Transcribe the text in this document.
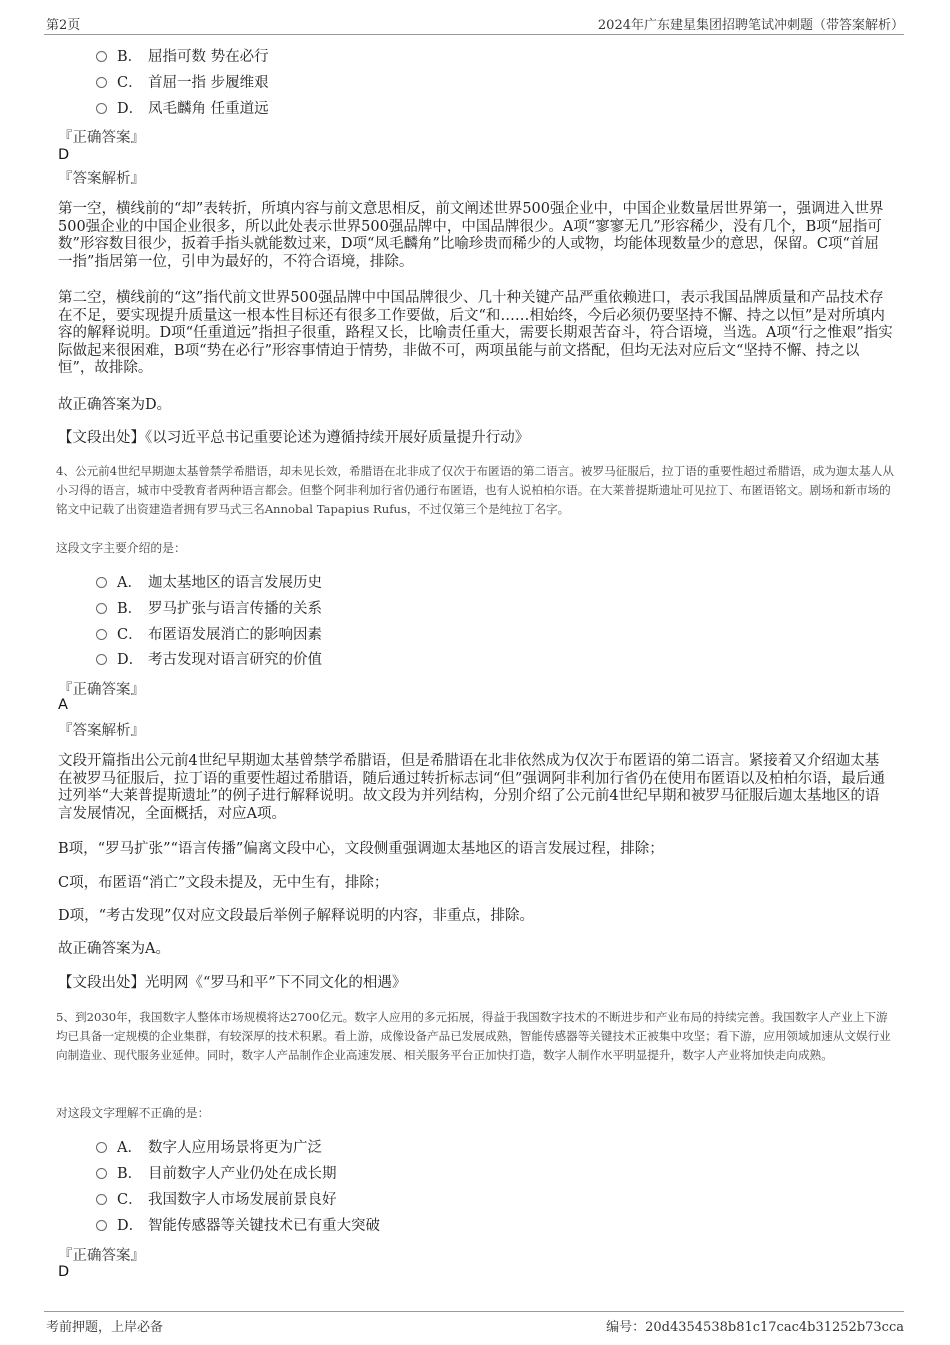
第2页	2024年广东建星集团招聘笔试冲刺题（带答案解析）
B． 屈指可数 势在必行
C． 首屈一指 步履维艰
D． 凤毛麟角 任重道远
『正确答案』
D
『答案解析』

第一空，横线前的“却”表转折，所填内容与前文意思相反，前文阐述世界500强企业中，中国企业数量居世界第一，强调进入世界500强企业的中国企业很多，所以此处表示世界500强品牌中，中国品牌很少。A项“寥寥无几”形容稀少，没有几个，B项“屈指可数”形容数目很少，扳着手指头就能数过来，D项“凤毛麟角”比喻珍贵而稀少的人或物，均能体现数量少的意思，保留。C项“首屈一指”指居第一位，引申为最好的，不符合语境，排除。

第二空，横线前的“这”指代前文世界500强品牌中中国品牌很少、几十种关键产品严重依赖进口，表示我国品牌质量和产品技术存在不足，要实现提升质量这一根本性目标还有很多工作要做，后文“和……相始终，今后必须仍要坚持不懈、持之以恒”是对所填内容的解释说明。D项“任重道远”指担子很重，路程又长，比喻责任重大，需要长期艰苦奋斗，符合语境，当选。A项“行之惟艰”指实际做起来很困难，B项“势在必行”形容事情迫于情势，非做不可，两项虽能与前文搭配，但均无法对应后文“坚持不懈、持之以恒”，故排除。

故正确答案为D。

【文段出处】《以习近平总书记重要论述为遵循持续开展好质量提升行动》

4、公元前4世纪早期迦太基曾禁学希腊语，却未见长效，希腊语在北非成了仅次于布匿语的第二语言。被罗马征服后，拉丁语的重要性超过希腊语，成为迦太基人从小习得的语言，城市中受教育者两种语言都会。但整个阿非利加行省仍通行布匿语，也有人说柏柏尔语。在大莱普提斯遗址可见拉丁、布匿语铭文。剧场和新市场的铭文中记载了出资建造者拥有罗马式三名Annobal Tapapius Rufus，不过仅第三个是纯拉丁名字。

这段文字主要介绍的是：
A． 迦太基地区的语言发展历史
B． 罗马扩张与语言传播的关系
C． 布匿语发展消亡的影响因素
D． 考古发现对语言研究的价值
『正确答案』
A
『答案解析』

文段开篇指出公元前4世纪早期迦太基曾禁学希腊语，但是希腊语在北非依然成为仅次于布匿语的第二语言。紧接着又介绍迦太基在被罗马征服后，拉丁语的重要性超过希腊语，随后通过转折标志词“但”强调阿非利加行省仍在使用布匿语以及柏柏尔语，最后通过列举“大莱普提斯遗址”的例子进行解释说明。故文段为并列结构，分别介绍了公元前4世纪早期和被罗马征服后迦太基地区的语言发展情况，全面概括，对应A项。

B项，“罗马扩张”“语言传播”偏离文段中心，文段侧重强调迦太基地区的语言发展过程，排除；

C项，布匿语“消亡”文段未提及，无中生有，排除；

D项，“考古发现”仅对应文段最后举例子解释说明的内容，非重点，排除。

故正确答案为A。

【文段出处】光明网《“罗马和平”下不同文化的相遇》

5、到2030年，我国数字人整体市场规模将达2700亿元。数字人应用的多元拓展，得益于我国数字技术的不断进步和产业布局的持续完善。我国数字人产业上下游均已具备一定规模的企业集群，有较深厚的技术积累。看上游，成像设备产品已发展成熟，智能传感器等关键技术正被集中攻坚；看下游，应用领域加速从文娱行业向制造业、现代服务业延伸。同时，数字人产品制作企业高速发展、相关服务平台正加快打造，数字人制作水平明显提升，数字人产业将加快走向成熟。

对这段文字理解不正确的是：
A． 数字人应用场景将更为广泛
B． 目前数字人产业仍处在成长期
C． 我国数字人市场发展前景良好
D． 智能传感器等关键技术已有重大突破
『正确答案』
D
考前押题，上岸必备	编号：20d4354538b81c17cac4b31252b73cca
